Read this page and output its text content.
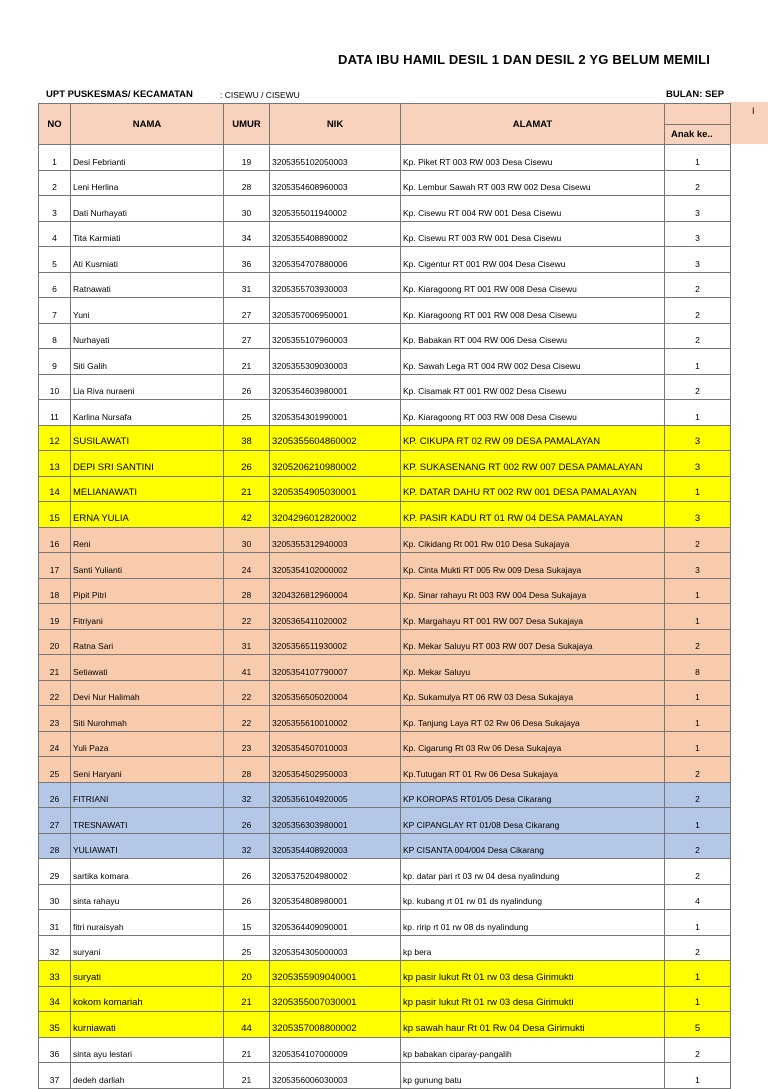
DATA IBU HAMIL DESIL 1 DAN DESIL 2 YG BELUM MEMILI
UPT PUSKESMAS/ KECAMATAN	: CISEWU / CISEWU	BULAN: SEP
I
NO	NAMA	UMUR	NIK	ALAMAT	
					Anak ke..
1	Desi Febrianti	19	3205355102050003	Kp. Piket RT 003 RW 003 Desa Cisewu	1
2	Leni Herlina	28	3205354608960003	Kp. Lembur Sawah RT 003 RW 002 Desa Cisewu	2
3	Dati Nurhayati	30	3205355011940002	Kp. Cisewu RT 004 RW 001 Desa Cisewu	3
4	Tita Karmiati	34	3205355408890002	Kp. Cisewu RT 003 RW 001 Desa Cisewu	3
5	Ati Kusmiati	36	3205354707880006	Kp. Cigentur RT 001 RW 004 Desa Cisewu	3
6	Ratnawati	31	3205355703930003	Kp. Kiaragoong RT 001 RW 008 Desa Cisewu	2
7	Yuni	27	3205357006950001	Kp. Kiaragoong RT 001 RW 008 Desa Cisewu	2
8	Nurhayati	27	3205355107960003	Kp. Babakan RT 004 RW 006 Desa Cisewu	2
9	Siti Galih	21	3205355309030003	Kp. Sawah Lega RT 004 RW 002 Desa Cisewu	1
10	Lia Riva nuraeni	26	3205354603980001	Kp. Cisamak RT 001 RW 002 Desa Cisewu	2
11	Karlina Nursafa	25	3205354301990001	Kp. Kiaragoong RT 003 RW 008 Desa Cisewu	1
12	SUSILAWATI	38	3205355604860002	KP. CIKUPA RT 02 RW 09 DESA PAMALAYAN	3
13	DEPI SRI SANTINI	26	3205206210980002	KP. SUKASENANG RT 002 RW 007 DESA PAMALAYAN	3
14	MELIANAWATI	21	3205354905030001	KP. DATAR DAHU RT 002 RW 001 DESA PAMALAYAN	1
15	ERNA YULIA	42	3204296012820002	KP. PASIR KADU RT 01 RW 04 DESA PAMALAYAN	3
16	Reni	30	3205355312940003	Kp. Cikidang Rt 001 Rw 010 Desa Sukajaya	2
17	Santi Yulianti	24	3205354102000002	Kp. Cinta Mukti RT 005 Rw 009 Desa Sukajaya	3
18	Pipit Pitri	28	3204326812960004	Kp. Sinar rahayu Rt 003 RW 004 Desa Sukajaya	1
19	Fitriyani	22	3205365411020002	Kp. Margahayu RT 001 RW 007 Desa Sukajaya	1
20	Ratna Sari	31	3205356511930002	Kp. Mekar Saluyu RT 003 RW 007 Desa Sukajaya	2
21	Setiawati	41	3205354107790007	Kp. Mekar Saluyu	8
22	Devi Nur Halimah	22	3205356505020004	Kp. Sukamulya RT 06 RW 03 Desa Sukajaya	1
23	Siti Nurohmah	22	3205355610010002	Kp. Tanjung Laya RT 02 Rw 06 Desa Sukajaya	1
24	Yuli Paza	23	3205354507010003	Kp. Cigarung Rt 03 Rw 06 Desa Sukajaya	1
25	Seni Haryani	28	3205354502950003	Kp.Tutugan RT 01 Rw 06 Desa Sukajaya	2
26	FITRIANI	32	3205356104920005	KP KOROPAS RT01/05 Desa Cikarang	2
27	TRESNAWATI	26	3205356303980001	KP CIPANGLAY RT 01/08 Desa Cikarang	1
28	YULIAWATI	32	3205354408920003	KP CISANTA 004/004 Desa Cikarang	2
29	sartika komara	26	3205375204980002	kp. datar pari rt 03 rw 04 desa nyalindung	2
30	sinta rahayu	26	3205354808980001	kp. kubang rt 01 rw 01 ds nyalindung	4
31	fitri nuraisyah	15	3205364409090001	kp. ririp rt 01 rw 08 ds nyalindung	1
32	suryani	25	3205354305000003	kp bera	2
33	suryati	20	3205355909040001	kp pasir lukut Rt 01 rw 03 desa Girimukti	1
34	kokom komariah	21	3205355007030001	kp pasir lukut Rt 01 rw 03 desa Girimukti	1
35	kurniawati	44	3205357008800002	kp sawah haur Rt 01 Rw 04 Desa Girimukti	5
36	sinta ayu lestari	21	3205354107000009	kp babakan ciparay-pangalih	2
37	dedeh darliah	21	3205356006030003	kp gunung batu	1
